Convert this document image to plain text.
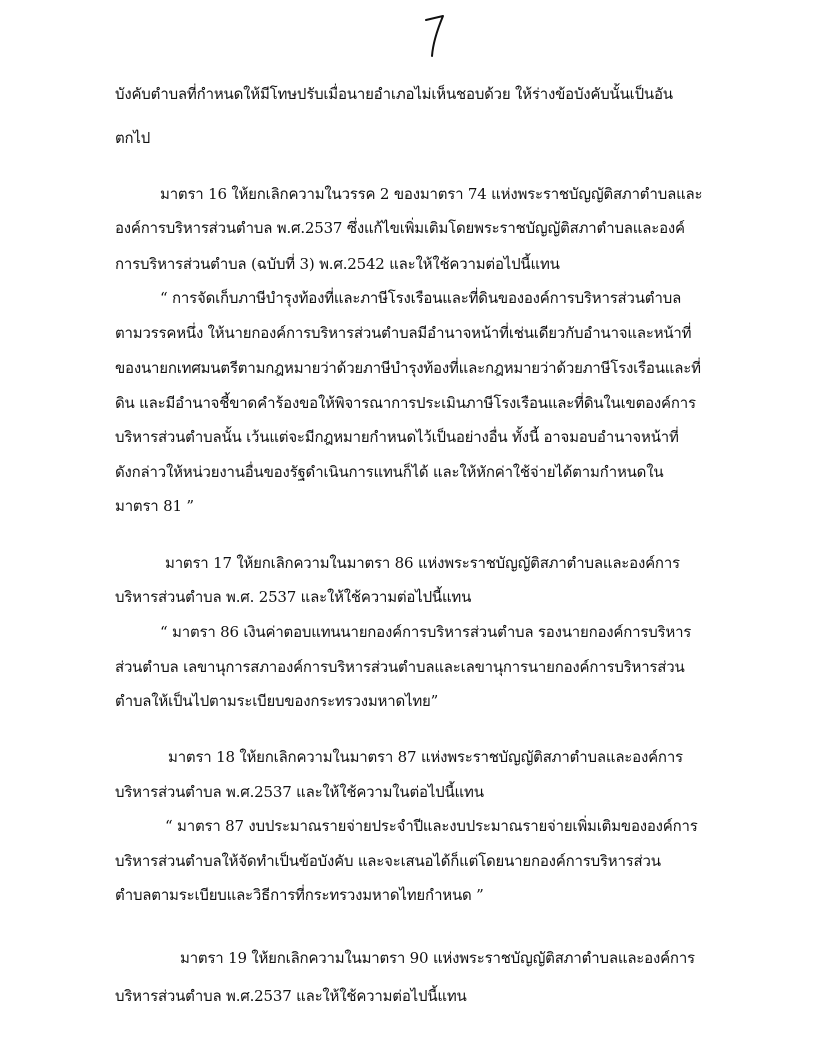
บังคับตำบลที่กำหนดให้มีโทษปรับเมื่อนายอำเภอไม่เห็นชอบด้วย ให้ร่างข้อบังคับนั้นเป็นอัน
ตกไป
มาตรา 16 ให้ยกเลิกความในวรรค 2 ของมาตรา 74 แห่งพระราชบัญญัติสภาตำบลและ
องค์การบริหารส่วนตำบล พ.ศ.2537 ซึ่งแก้ไขเพิ่มเติมโดยพระราชบัญญัติสภาตำบลและองค์
การบริหารส่วนตำบล (ฉบับที่ 3) พ.ศ.2542 และให้ใช้ความต่อไปนี้แทน
“ การจัดเก็บภาษีบำรุงท้องที่และภาษีโรงเรือนและที่ดินขององค์การบริหารส่วนตำบล
ตามวรรคหนึ่ง ให้นายกองค์การบริหารส่วนตำบลมีอำนาจหน้าที่เช่นเดียวกับอำนาจและหน้าที่
ของนายกเทศมนตรีตามกฎหมายว่าด้วยภาษีบำรุงท้องที่และกฎหมายว่าด้วยภาษีโรงเรือนและที่
ดิน และมีอำนาจชี้ขาดคำร้องขอให้พิจารณาการประเมินภาษีโรงเรือนและที่ดินในเขตองค์การ
บริหารส่วนตำบลนั้น เว้นแต่จะมีกฎหมายกำหนดไว้เป็นอย่างอื่น ทั้งนี้ อาจมอบอำนาจหน้าที่
ดังกล่าวให้หน่วยงานอื่นของรัฐดำเนินการแทนก็ได้ และให้หักค่าใช้จ่ายได้ตามกำหนดใน
มาตรา 81 ”
มาตรา 17 ให้ยกเลิกความในมาตรา 86 แห่งพระราชบัญญัติสภาตำบลและองค์การ
บริหารส่วนตำบล พ.ศ. 2537 และให้ใช้ความต่อไปนี้แทน
“ มาตรา 86 เงินค่าตอบแทนนายกองค์การบริหารส่วนตำบล รองนายกองค์การบริหาร
ส่วนตำบล เลขานุการสภาองค์การบริหารส่วนตำบลและเลขานุการนายกองค์การบริหารส่วน
ตำบลให้เป็นไปตามระเบียบของกระทรวงมหาดไทย”
มาตรา 18 ให้ยกเลิกความในมาตรา 87 แห่งพระราชบัญญัติสภาตำบลและองค์การ
บริหารส่วนตำบล พ.ศ.2537 และให้ใช้ความในต่อไปนี้แทน
“ มาตรา 87 งบประมาณรายจ่ายประจำปีและงบประมาณรายจ่ายเพิ่มเติมขององค์การ
บริหารส่วนตำบลให้จัดทำเป็นข้อบังคับ และจะเสนอได้ก็แต่โดยนายกองค์การบริหารส่วน
ตำบลตามระเบียบและวิธีการที่กระทรวงมหาดไทยกำหนด ”
มาตรา 19 ให้ยกเลิกความในมาตรา 90 แห่งพระราชบัญญัติสภาตำบลและองค์การ
บริหารส่วนตำบล พ.ศ.2537 และให้ใช้ความต่อไปนี้แทน
